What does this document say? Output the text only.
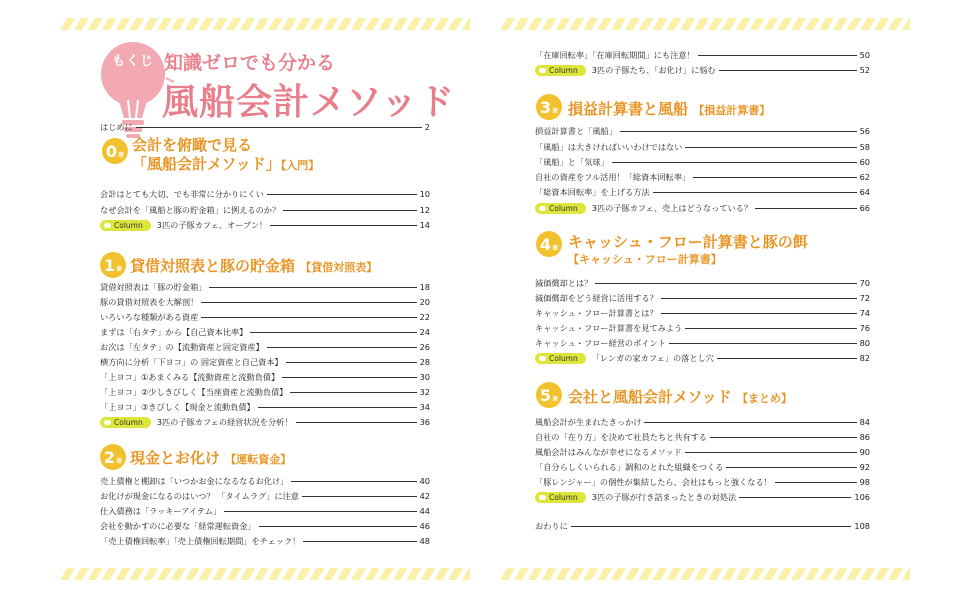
もくじ 知識ゼロでも分かる
風船会計メソッド
はじめに	2
0 章
会計を俯瞰で見る
「風船会計メソッド」【入門】
会計はとても大切、でも非常に分かりにくい	10
なぜ会計を「風船と豚の貯金箱」に例えるのか？	12
Column	3匹の子豚カフェ、オープン！	14
1 章 貸借対照表と豚の貯金箱 【貸借対照表】
貸借対照表は「豚の貯金箱」	18
豚の貸借対照表を大解剖！	20
いろいろな種類がある資産	22
まずは「右タテ」から【自己資本比率】	24
お次は「左タテ」の【流動資産と固定資産】	26
横方向に分析「下ヨコ」の 固定資産と自己資本】	28
「上ヨコ」①あまくみる【流動資産と流動負債】	30
「上ヨコ」②少しきびしく【当座資産と流動負債】	32
「上ヨコ」③きびしく【現金と流動負債】	34
Column	3匹の子豚カフェの経営状況を分析！	36
2 章 現金とお化け 【運転資金】
売上債権と棚卸は「いつかお金になるなるお化け」	40
お化けが現金になるのはいつ？ 「タイムラグ」に注意	42
仕入債務は「ラッキーアイテム」	44
会社を動かすのに必要な「経常運転資金」	46
「売上債権回転率」「売上債権回転期間」をチェック！	48
「在庫回転率」「在庫回転期間」にも注意！	50
Column	3匹の子豚たち、「お化け」に悩む	52
3 章 損益計算書と風船 【損益計算書】
損益計算書と「風船」	56
「風船」は大きければいいわけではない	58
「風船」と「気球」	60
自社の資産をフル活用！「総資本回転率」	62
「総資本回転率」を上げる方法	64
Column	3匹の子豚カフェ、売上はどうなっている？	66
4 章 キャッシュ・フロー計算書と豚の餌
【キャッシュ・フロー計算書】
減価償却とは？	70
減価償却をどう経営に活用する？	72
キャッシュ・フロー計算書とは？	74
キャッシュ・フロー計算書を見てみよう	76
キャッシュ・フロー経営のポイント	80
Column	「レンガの家カフェ」の落とし穴	82
5 章 会社と風船会計メソッド 【まとめ】
風船会計が生まれたきっかけ	84
自社の「在り方」を決めて社員たちと共有する	86
風船会計はみんなが幸せになるメソッド	90
「自分らしくいられる」調和のとれた組織をつくる	92
「豚レンジャー」の個性が集結したら、会社はもっと強くなる！	98
Column	3匹の子豚が行き詰まったときの対処法	106
おわりに	108
